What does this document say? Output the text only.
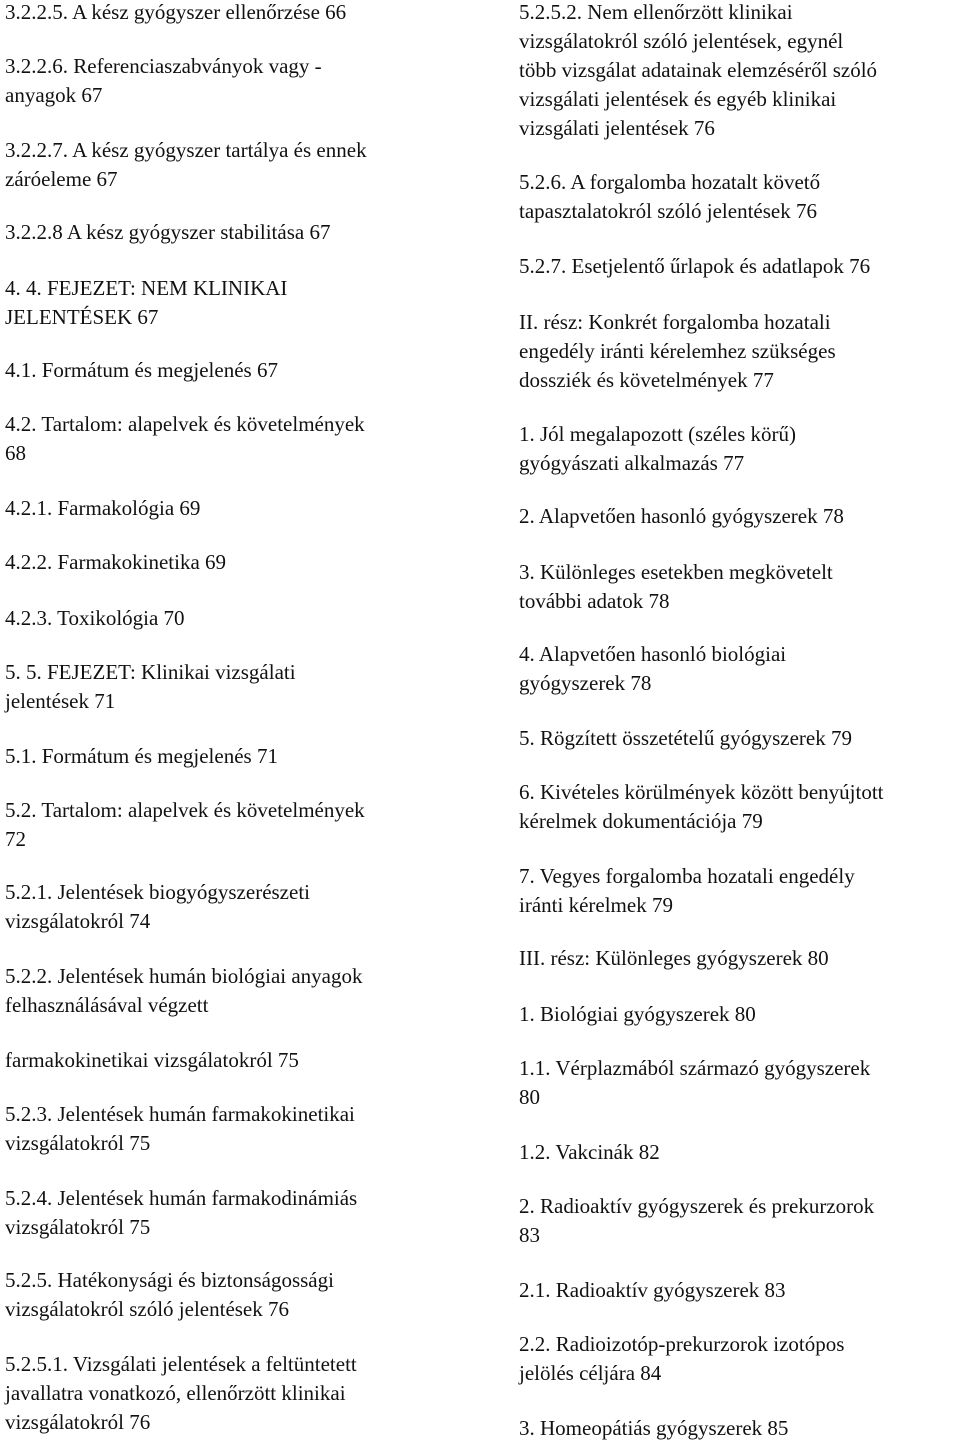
3.2.2.5. A kész gyógyszer ellenőrzése 66
3.2.2.6. Referenciaszabványok vagy -
anyagok 67
3.2.2.7. A kész gyógyszer tartálya és ennek
záróeleme 67
3.2.2.8 A kész gyógyszer stabilitása 67
4. 4. FEJEZET: NEM KLINIKAI
JELENTÉSEK 67
4.1. Formátum és megjelenés 67
4.2. Tartalom: alapelvek és követelmények
68
4.2.1. Farmakológia 69
4.2.2. Farmakokinetika 69
4.2.3. Toxikológia 70
5. 5. FEJEZET: Klinikai vizsgálati
jelentések 71
5.1. Formátum és megjelenés 71
5.2. Tartalom: alapelvek és követelmények
72
5.2.1. Jelentések biogyógyszerészeti
vizsgálatokról 74
5.2.2. Jelentések humán biológiai anyagok
felhasználásával végzett
farmakokinetikai vizsgálatokról 75
5.2.3. Jelentések humán farmakokinetikai
vizsgálatokról 75
5.2.4. Jelentések humán farmakodinámiás
vizsgálatokról 75
5.2.5. Hatékonysági és biztonságossági
vizsgálatokról szóló jelentések 76
5.2.5.1. Vizsgálati jelentések a feltüntetett
javallatra vonatkozó, ellenőrzött klinikai
vizsgálatokról 76
5.2.5.2. Nem ellenőrzött klinikai
vizsgálatokról szóló jelentések, egynél
több vizsgálat adatainak elemzéséről szóló
vizsgálati jelentések és egyéb klinikai
vizsgálati jelentések 76
5.2.6. A forgalomba hozatalt követő
tapasztalatokról szóló jelentések 76
5.2.7. Esetjelentő űrlapok és adatlapok 76
II. rész: Konkrét forgalomba hozatali
engedély iránti kérelemhez szükséges
dossziék és követelmények 77
1. Jól megalapozott (széles körű)
gyógyászati alkalmazás 77
2. Alapvetően hasonló gyógyszerek 78
3. Különleges esetekben megkövetelt
további adatok 78
4. Alapvetően hasonló biológiai
gyógyszerek 78
5. Rögzített összetételű gyógyszerek 79
6. Kivételes körülmények között benyújtott
kérelmek dokumentációja 79
7. Vegyes forgalomba hozatali engedély
iránti kérelmek 79
III. rész: Különleges gyógyszerek 80
1. Biológiai gyógyszerek 80
1.1. Vérplazmából származó gyógyszerek
80
1.2. Vakcinák 82
2. Radioaktív gyógyszerek és prekurzorok
83
2.1. Radioaktív gyógyszerek 83
2.2. Radioizotóp-prekurzorok izotópos
jelölés céljára 84
3. Homeopátiás gyógyszerek 85
